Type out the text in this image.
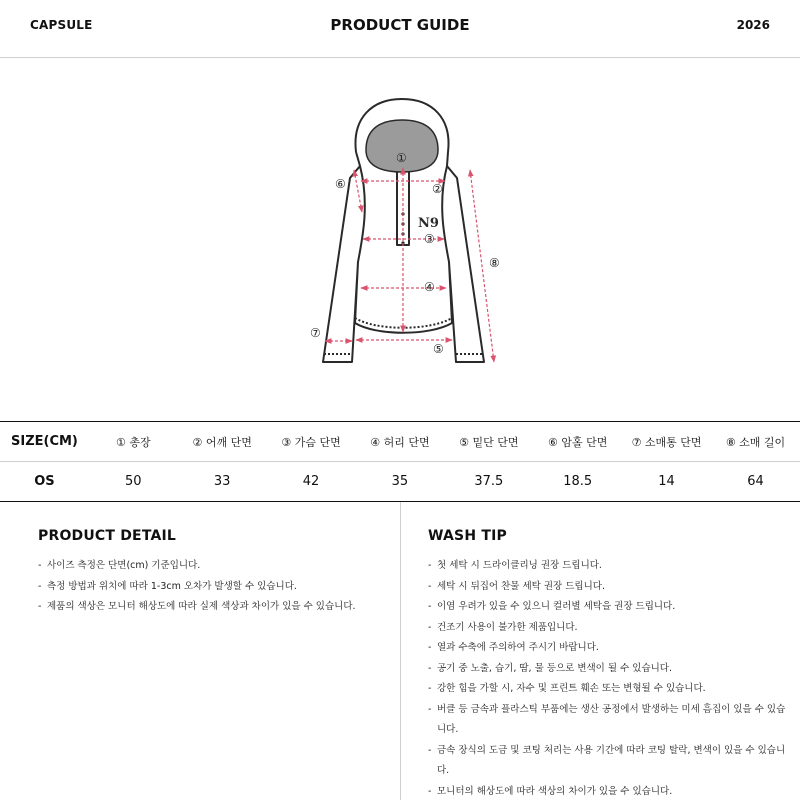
CAPSULE	PRODUCT GUIDE	2026
N9
①
②
③
④
⑤
⑥
⑦
⑧
SIZE(CM)	① 총장	② 어깨 단면	③ 가슴 단면	④ 허리 단면	⑤ 밑단 단면	⑥ 암홀 단면	⑦ 소매통 단면	⑧ 소매 길이
OS	50	33	42	35	37.5	18.5	14	64
PRODUCT DETAIL
- 사이즈 측정은 단면(cm) 기준입니다.
- 측정 방법과 위치에 따라 1-3cm 오차가 발생할 수 있습니다.
- 제품의 색상은 모니터 해상도에 따라 실제 색상과 차이가 있을 수 있습니다.
WASH TIP
- 첫 세탁 시 드라이클리닝 권장 드립니다.
- 세탁 시 뒤집어 찬물 세탁 권장 드립니다.
- 이염 우려가 있을 수 있으니 컬러별 세탁을 권장 드립니다.
- 건조기 사용이 불가한 제품입니다.
- 열과 수축에 주의하여 주시기 바랍니다.
- 공기 중 노출, 습기, 땀, 물 등으로 변색이 될 수 있습니다.
- 강한 힘을 가할 시, 자수 및 프린트 훼손 또는 변형될 수 있습니다.
- 버클 등 금속과 플라스틱 부품에는 생산 공정에서 발생하는 미세 흠집이 있을 수 있습니다.
- 금속 장식의 도금 및 코팅 처리는 사용 기간에 따라 코팅 탈락, 변색이 있을 수 있습니다.
- 모니터의 해상도에 따라 색상의 차이가 있을 수 있습니다.
